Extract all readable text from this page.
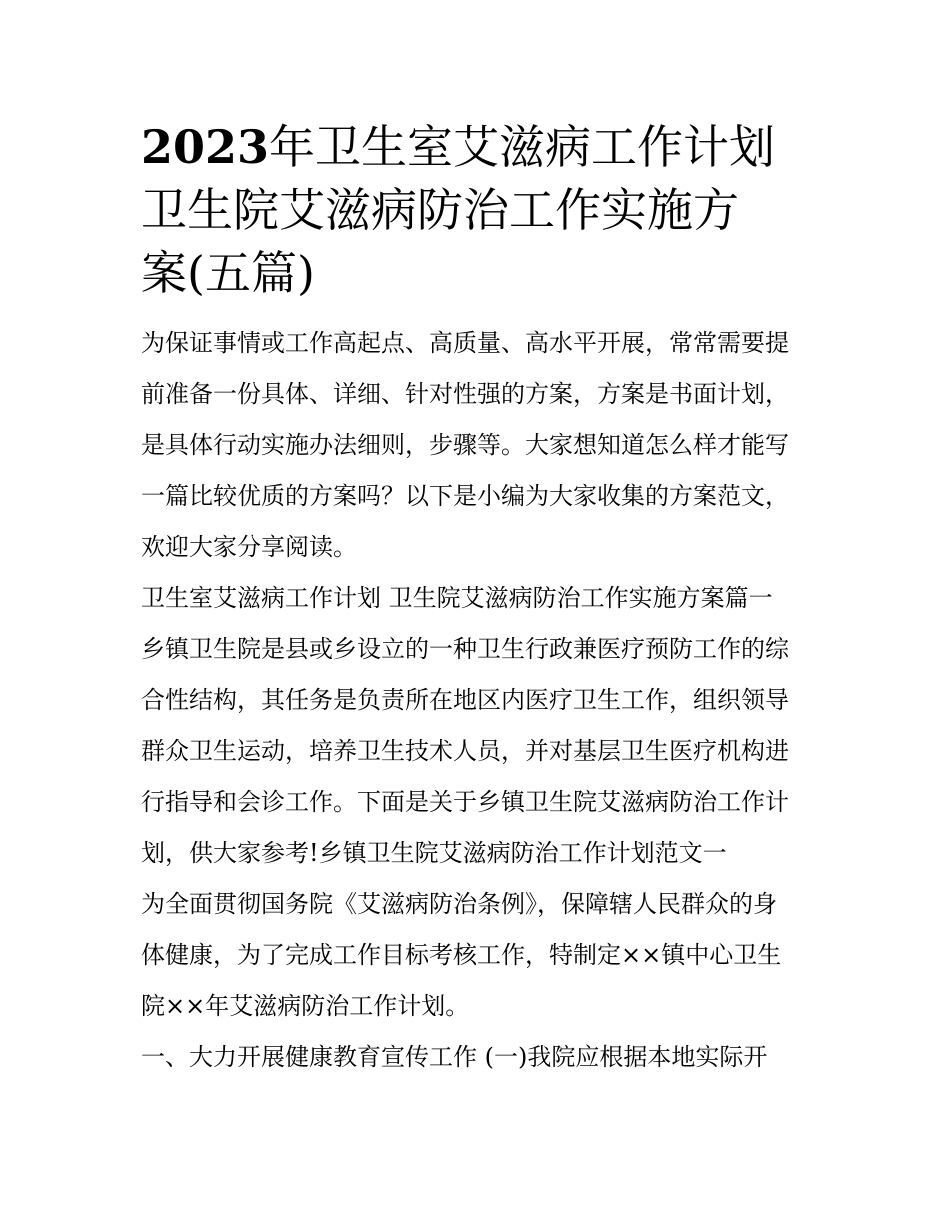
2023年卫生室艾滋病工作计划
卫生院艾滋病防治工作实施方
案(五篇)
为保证事情或工作高起点、高质量、高水平开展，常常需要提
前准备一份具体、详细、针对性强的方案，方案是书面计划，
是具体行动实施办法细则，步骤等。大家想知道怎么样才能写
一篇比较优质的方案吗？以下是小编为大家收集的方案范文，
欢迎大家分享阅读。
卫生室艾滋病工作计划 卫生院艾滋病防治工作实施方案篇一
乡镇卫生院是县或乡设立的一种卫生行政兼医疗预防工作的综
合性结构，其任务是负责所在地区内医疗卫生工作，组织领导
群众卫生运动，培养卫生技术人员，并对基层卫生医疗机构进
行指导和会诊工作。下面是关于乡镇卫生院艾滋病防治工作计
划，供大家参考!乡镇卫生院艾滋病防治工作计划范文一
为全面贯彻国务院《艾滋病防治条例》，保障辖人民群众的身
体健康，为了完成工作目标考核工作，特制定××镇中心卫生
院××年艾滋病防治工作计划。
一、大力开展健康教育宣传工作 (一)我院应根据本地实际开
